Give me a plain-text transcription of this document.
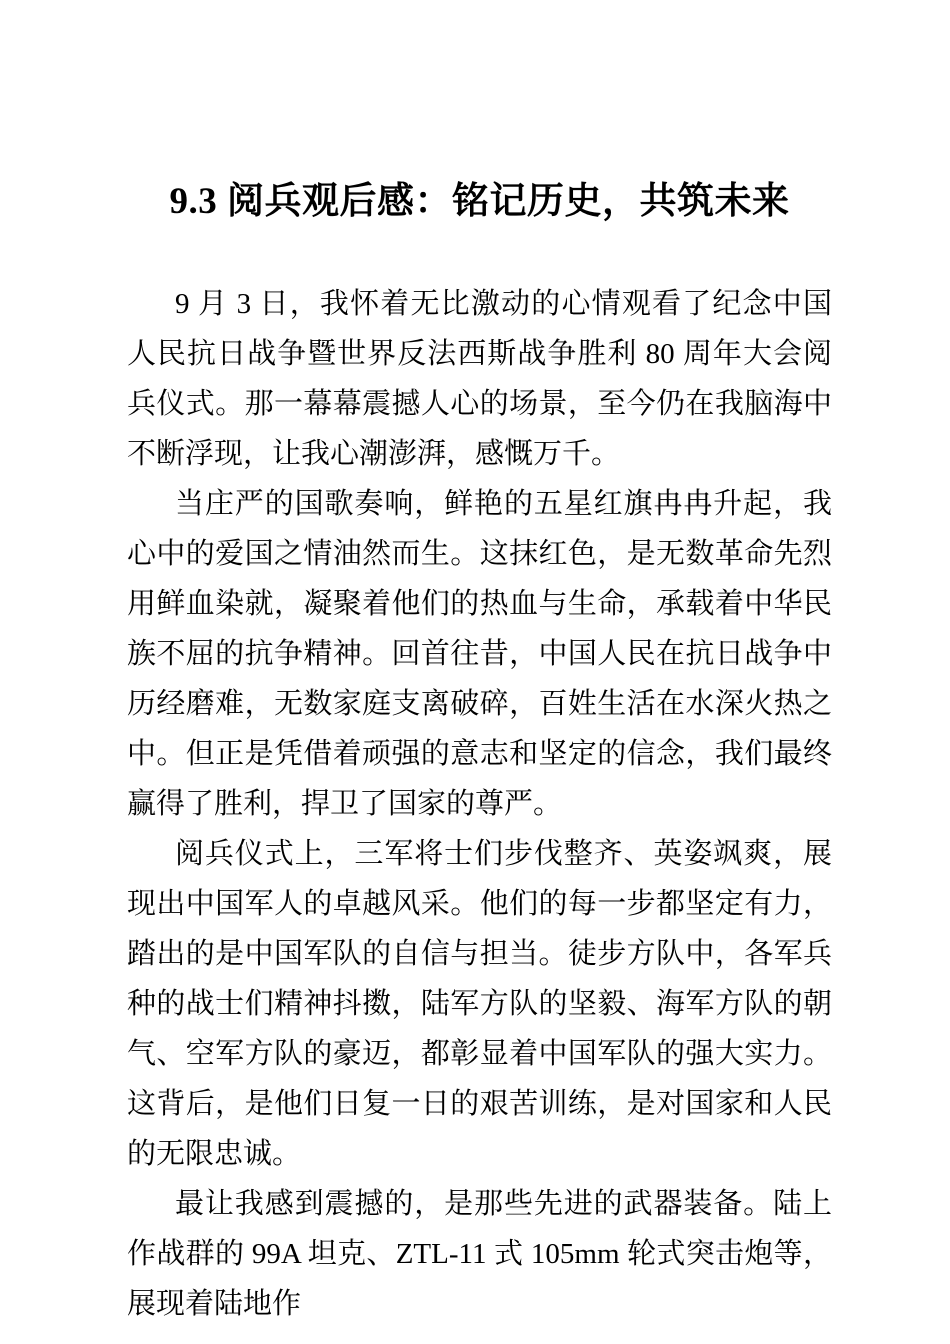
9.3 阅兵观后感：铭记历史，共筑未来

9 月 3 日，我怀着无比激动的心情观看了纪念中国人民抗日战争暨世界反法西斯战争胜利 80 周年大会阅兵仪式。那一幕幕震撼人心的场景，至今仍在我脑海中不断浮现，让我心潮澎湃，感慨万千。

当庄严的国歌奏响，鲜艳的五星红旗冉冉升起，我心中的爱国之情油然而生。这抹红色，是无数革命先烈用鲜血染就，凝聚着他们的热血与生命，承载着中华民族不屈的抗争精神。回首往昔，中国人民在抗日战争中历经磨难，无数家庭支离破碎，百姓生活在水深火热之中。但正是凭借着顽强的意志和坚定的信念，我们最终赢得了胜利，捍卫了国家的尊严。

阅兵仪式上，三军将士们步伐整齐、英姿飒爽，展现出中国军人的卓越风采。他们的每一步都坚定有力，踏出的是中国军队的自信与担当。徒步方队中，各军兵种的战士们精神抖擞，陆军方队的坚毅、海军方队的朝气、空军方队的豪迈，都彰显着中国军队的强大实力。这背后，是他们日复一日的艰苦训练，是对国家和人民的无限忠诚。

最让我感到震撼的，是那些先进的武器装备。陆上作战群的 99A 坦克、ZTL-11 式 105mm 轮式突击炮等，展现着陆地作
